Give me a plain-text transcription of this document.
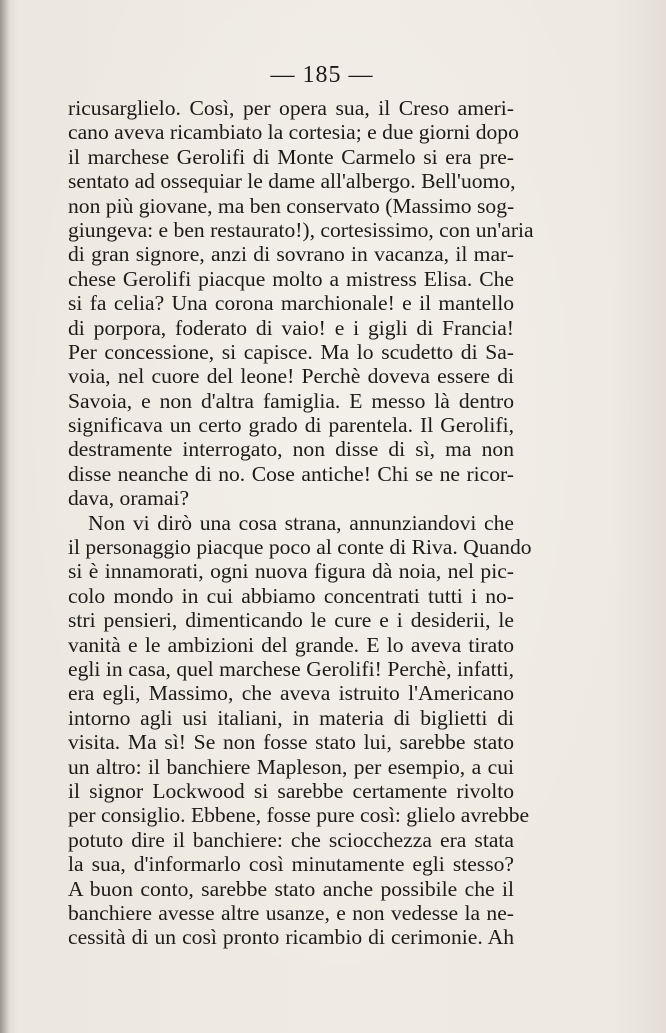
— 185 —
ricusarglielo. Così, per opera sua, il Creso ameri-
cano aveva ricambiato la cortesia; e due giorni dopo
il marchese Gerolifi di Monte Carmelo si era pre-
sentato ad ossequiar le dame all'albergo. Bell'uomo,
non più giovane, ma ben conservato (Massimo sog-
giungeva: e ben restaurato!), cortesissimo, con un'aria
di gran signore, anzi di sovrano in vacanza, il mar-
chese Gerolifi piacque molto a mistress Elisa. Che
si fa celia? Una corona marchionale! e il mantello
di porpora, foderato di vaio! e i gigli di Francia!
Per concessione, si capisce. Ma lo scudetto di Sa-
voia, nel cuore del leone! Perchè doveva essere di
Savoia, e non d'altra famiglia. E messo là dentro
significava un certo grado di parentela. Il Gerolifi,
destramente interrogato, non disse di sì, ma non
disse neanche di no. Cose antiche! Chi se ne ricor-
dava, oramai?
Non vi dirò una cosa strana, annunziandovi che
il personaggio piacque poco al conte di Riva. Quando
si è innamorati, ogni nuova figura dà noia, nel pic-
colo mondo in cui abbiamo concentrati tutti i no-
stri pensieri, dimenticando le cure e i desiderii, le
vanità e le ambizioni del grande. E lo aveva tirato
egli in casa, quel marchese Gerolifi! Perchè, infatti,
era egli, Massimo, che aveva istruito l'Americano
intorno agli usi italiani, in materia di biglietti di
visita. Ma sì! Se non fosse stato lui, sarebbe stato
un altro: il banchiere Mapleson, per esempio, a cui
il signor Lockwood si sarebbe certamente rivolto
per consiglio. Ebbene, fosse pure così: glielo avrebbe
potuto dire il banchiere: che sciocchezza era stata
la sua, d'informarlo così minutamente egli stesso?
A buon conto, sarebbe stato anche possibile che il
banchiere avesse altre usanze, e non vedesse la ne-
cessità di un così pronto ricambio di cerimonie. Ah
